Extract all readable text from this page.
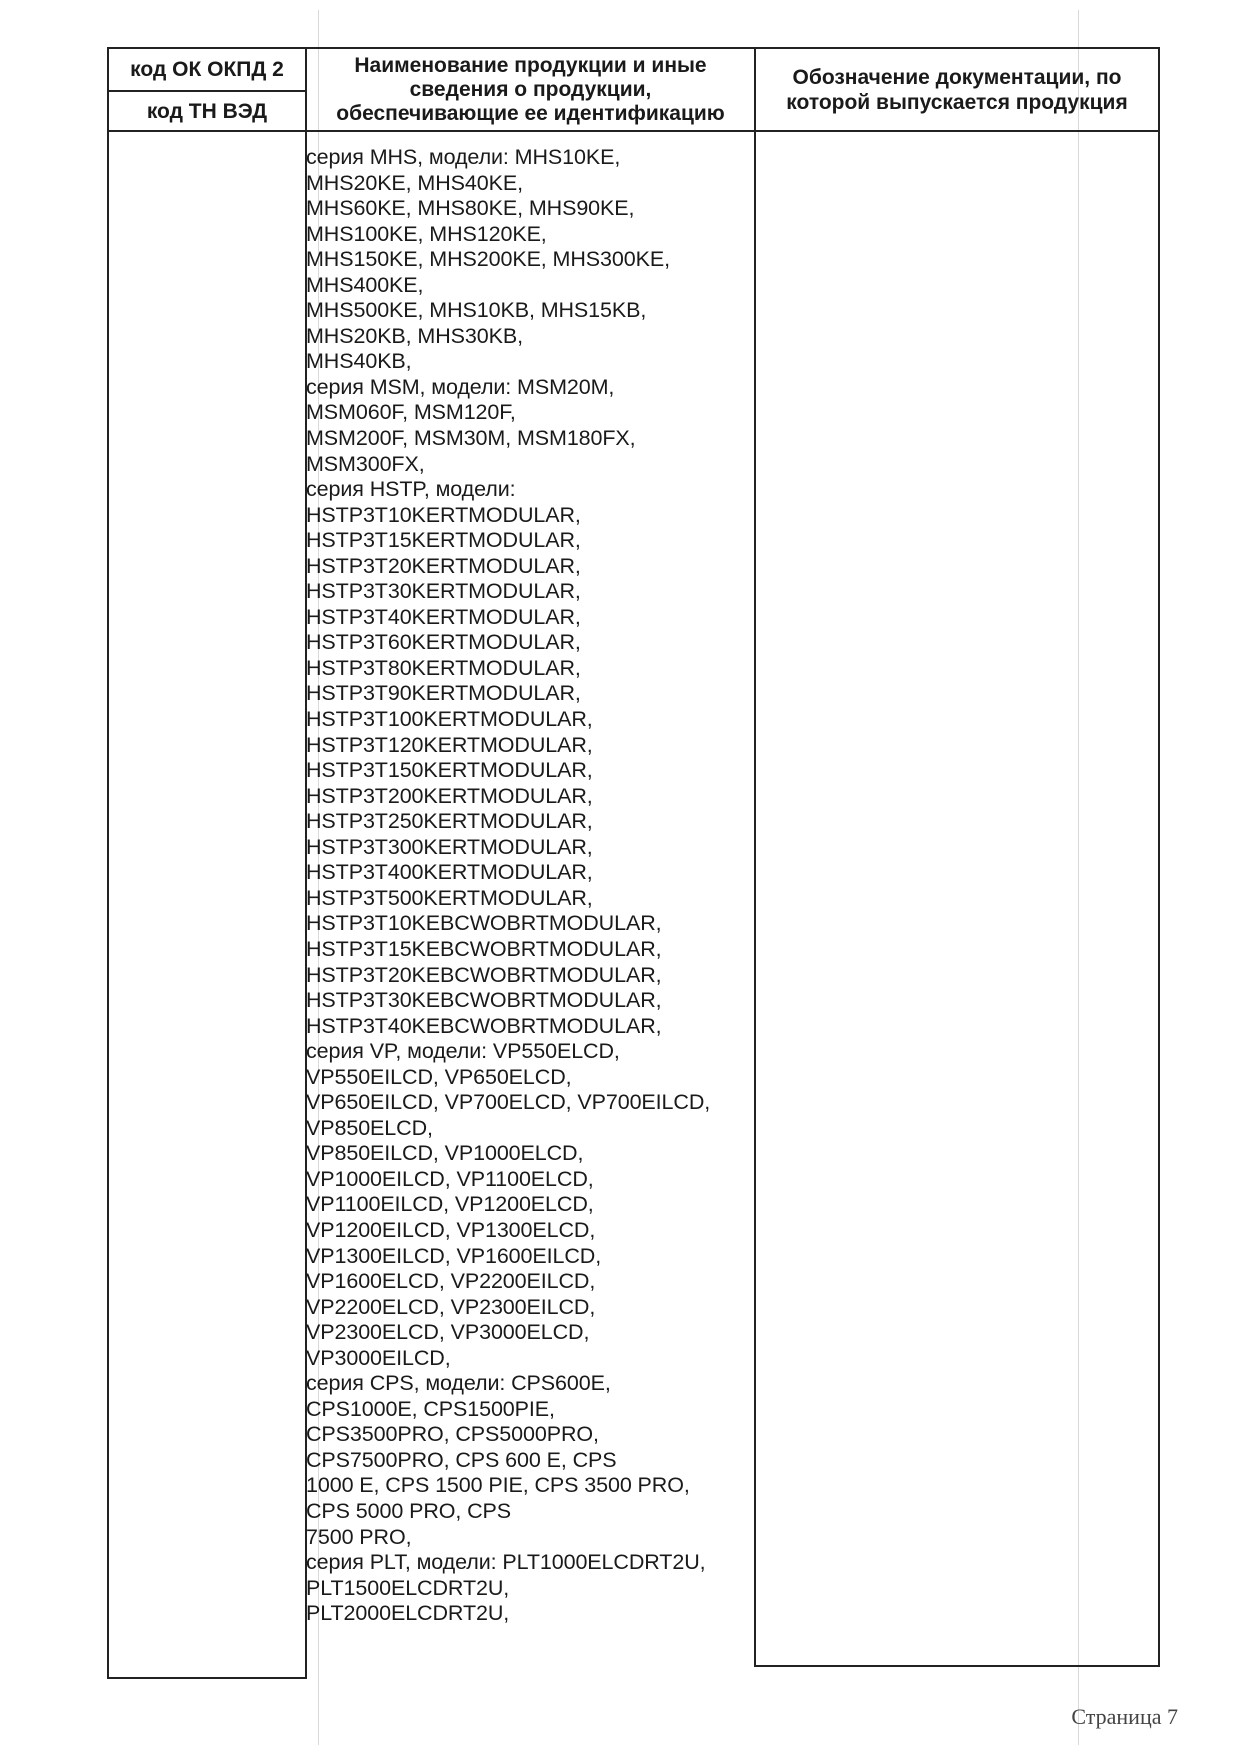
код ОК ОКПД 2
код ТН ВЭД
Наименование продукции и иные сведения о продукции, обеспечивающие ее идентификацию
Обозначение документации, по которой выпускается продукция
серия MHS, модели: MHS10KE,
MHS20KE, MHS40KE,
MHS60KE, MHS80KE, MHS90KE,
MHS100KE, MHS120KE,
MHS150KE, MHS200KE, MHS300KE,
MHS400KE,
MHS500KE, MHS10KB, MHS15KB,
MHS20KB, MHS30KB,
MHS40KB,
серия MSM, модели: MSM20M,
MSM060F, MSM120F,
MSM200F, MSM30M, MSM180FX,
MSM300FX,
серия HSTP, модели:
HSTP3T10KERTMODULAR,
HSTP3T15KERTMODULAR,
HSTP3T20KERTMODULAR,
HSTP3T30KERTMODULAR,
HSTP3T40KERTMODULAR,
HSTP3T60KERTMODULAR,
HSTP3T80KERTMODULAR,
HSTP3T90KERTMODULAR,
HSTP3T100KERTMODULAR,
HSTP3T120KERTMODULAR,
HSTP3T150KERTMODULAR,
HSTP3T200KERTMODULAR,
HSTP3T250KERTMODULAR,
HSTP3T300KERTMODULAR,
HSTP3T400KERTMODULAR,
HSTP3T500KERTMODULAR,
HSTP3T10KEBCWOBRTMODULAR,
HSTP3T15KEBCWOBRTMODULAR,
HSTP3T20KEBCWOBRTMODULAR,
HSTP3T30KEBCWOBRTMODULAR,
HSTP3T40KEBCWOBRTMODULAR,
серия VP, модели: VP550ELCD,
VP550EILCD, VP650ELCD,
VP650EILCD, VP700ELCD, VP700EILCD,
VP850ELCD,
VP850EILCD, VP1000ELCD,
VP1000EILCD, VP1100ELCD,
VP1100EILCD, VP1200ELCD,
VP1200EILCD, VP1300ELCD,
VP1300EILCD, VP1600EILCD,
VP1600ELCD, VP2200EILCD,
VP2200ELCD, VP2300EILCD,
VP2300ELCD, VP3000ELCD,
VP3000EILCD,
серия CPS, модели: CPS600E,
CPS1000E, CPS1500PIE,
CPS3500PRO, CPS5000PRO,
CPS7500PRO, CPS 600 E, CPS
1000 E, CPS 1500 PIE, CPS 3500 PRO,
CPS 5000 PRO, CPS
7500 PRO,
серия PLT, модели: PLT1000ELCDRT2U,
PLT1500ELCDRT2U,
PLT2000ELCDRT2U,
Страница 7
